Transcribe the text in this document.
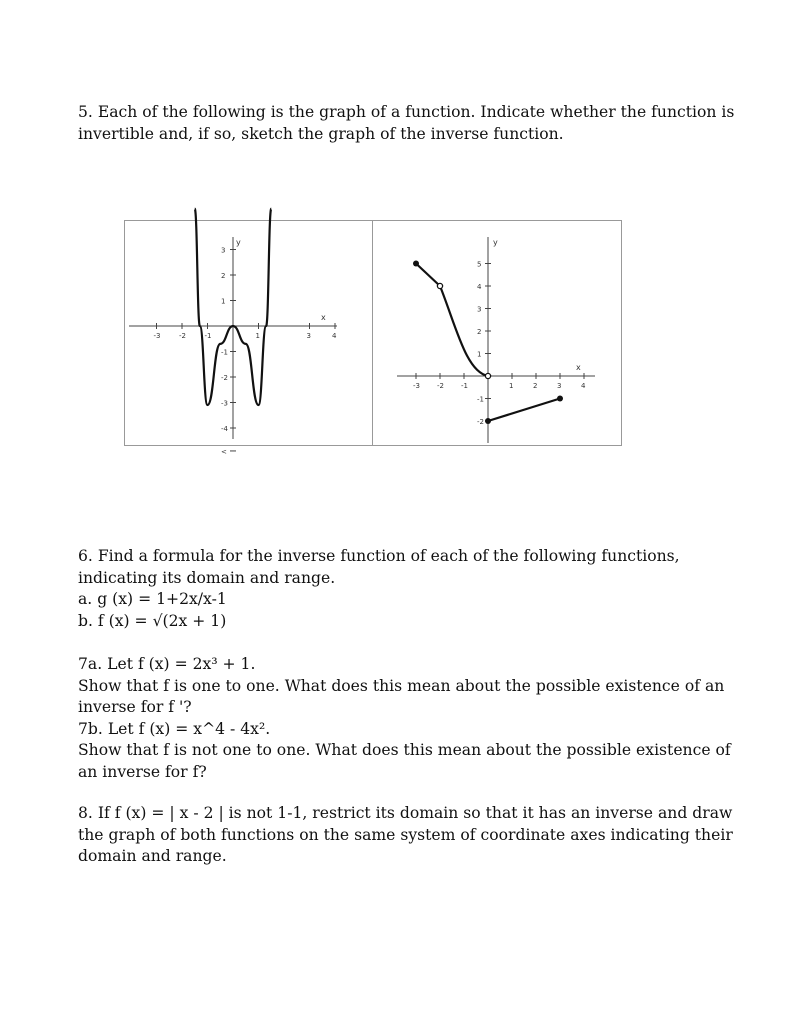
5. Each of the following is the graph of a function. Indicate whether the function is
invertible and, if so, sketch the graph of the inverse function.
-3	-2	-1	1	3	4
3
2
1
-1
-2
-3
-4
<
x
y
-3 -2 -1	1	2	3	4
5
4
3
2
1
-1
-2
x
y
6. Find a formula for the inverse function of each of the following functions,
indicating its domain and range.
a. g (x) = 1+2x/x-1
b. f (x) = √(2x + 1)
7a. Let f (x) = 2x³ + 1.
Show that f is one to one. What does this mean about the possible existence of an
inverse for f '?
7b. Let f (x) = x^4 - 4x².
Show that f is not one to one. What does this mean about the possible existence of
an inverse for f?
8. If f (x) = | x - 2 | is not 1-1, restrict its domain so that it has an inverse and draw
the graph of both functions on the same system of coordinate axes indicating their
domain and range.
